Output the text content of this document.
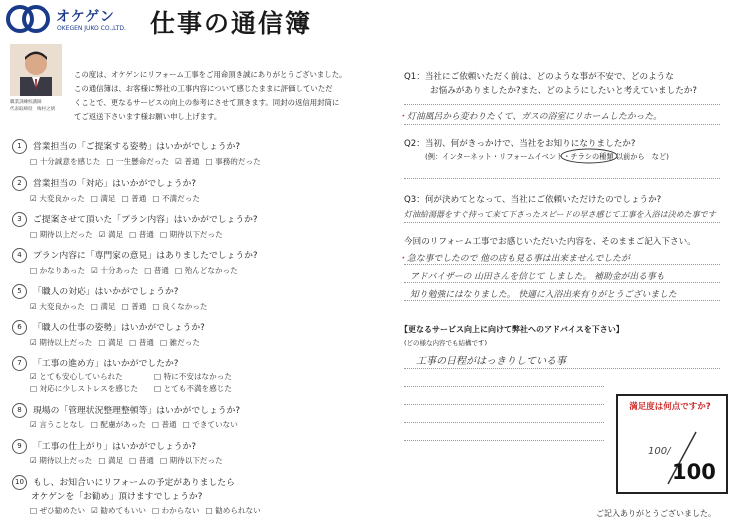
オケゲン
OKEGEN JUKO CO.,LTD. 仕事の通信簿
職業訓練校講師
代表取締役　梅村之朗
この度は、オケゲンにリフォーム工事をご用命頂き誠にありがとうございました。
この通信簿は、お客様に弊社の工事内容について感じたままに評価していただ
くことで、更なるサービスの向上の参考にさせて頂きます。同封の返信用封筒に
てご返送下さいます様お願い申し上げます。
1 営業担当の「ご提案する姿勢」はいかがでしょうか?
□ 十分誠意を感じた □ 一生懸命だった ☑ 普通 □ 事務的だった
2 営業担当の「対応」はいかがでしょうか?
☑ 大変良かった □ 満足 □ 普通 □ 不満だった
3 ご提案させて頂いた「プラン内容」はいかがでしょうか?
□ 期待以上だった ☑ 満足 □ 普通 □ 期待以下だった
4 プラン内容に「専門家の意見」はありましたでしょうか?
□ かなりあった ☑ 十分あった □ 普通 □ 殆んどなかった
5 「職人の対応」はいかがでしょうか?
☑ 大変良かった □ 満足 □ 普通 □ 良くなかった
6 「職人の仕事の姿勢」はいかがでしょうか?
☑ 期待以上だった □ 満足 □ 普通 □ 雑だった
7 「工事の進め方」はいかがでしたか?
☑ とても安心していられた	□ 特に不安はなかった
□ 対応に少しストレスを感じた □ とても不満を感じた
8 現場の「管理状況整理整頓等」はいかがでしょうか?
☑ 言うことなし □ 配慮があった □ 普通 □ できていない
9 「工事の仕上がり」はいかがでしょうか?
☑ 期待以上だった □ 満足 □ 普通 □ 期待以下だった
10 もし、お知合いにリフォームの予定がありましたら
オケゲンを「お勧め」頂けますでしょうか?
□ ぜひ勧めたい ☑ 勧めてもいい □ わからない □ 勧められない
Q1：当社にご依頼いただく前は、どのような事が不安で、どのような
お悩みがありましたか?また、どのようにしたいと考えていましたか?
・灯油風呂から変わりたくて、ガスの浴室にリホームしたかった。
Q2：当初、何がきっかけで、当社をお知りになりましたか?
(例：インターネット・リフォームイベント・チラシの種類 以前から　など)
Q3：何が決めてとなって、当社にご依頼いただけたのでしょうか?
灯油給湯器をすぐ持って来て下さったスピードの早さ感じて工事を入浴は決めた事です
今回のリフォーム工事でお感じいただいた内容を、そのままご記入下さい。
・急な事でしたので 他の店も見る事は出来ませんでしたが
アドバイザーの 山田さんを信じて しました。 補助金が出る事も
知り勉強にはなりました。 快適に入浴出来有りがとうございました
【更なるサービス向上に向けて弊社へのアドバイスを下さい】
(どの様な内容でも結構です)
工事の日程がはっきりしている事
満足度は何点ですか?
100/
100
ご記入ありがとうございました。
